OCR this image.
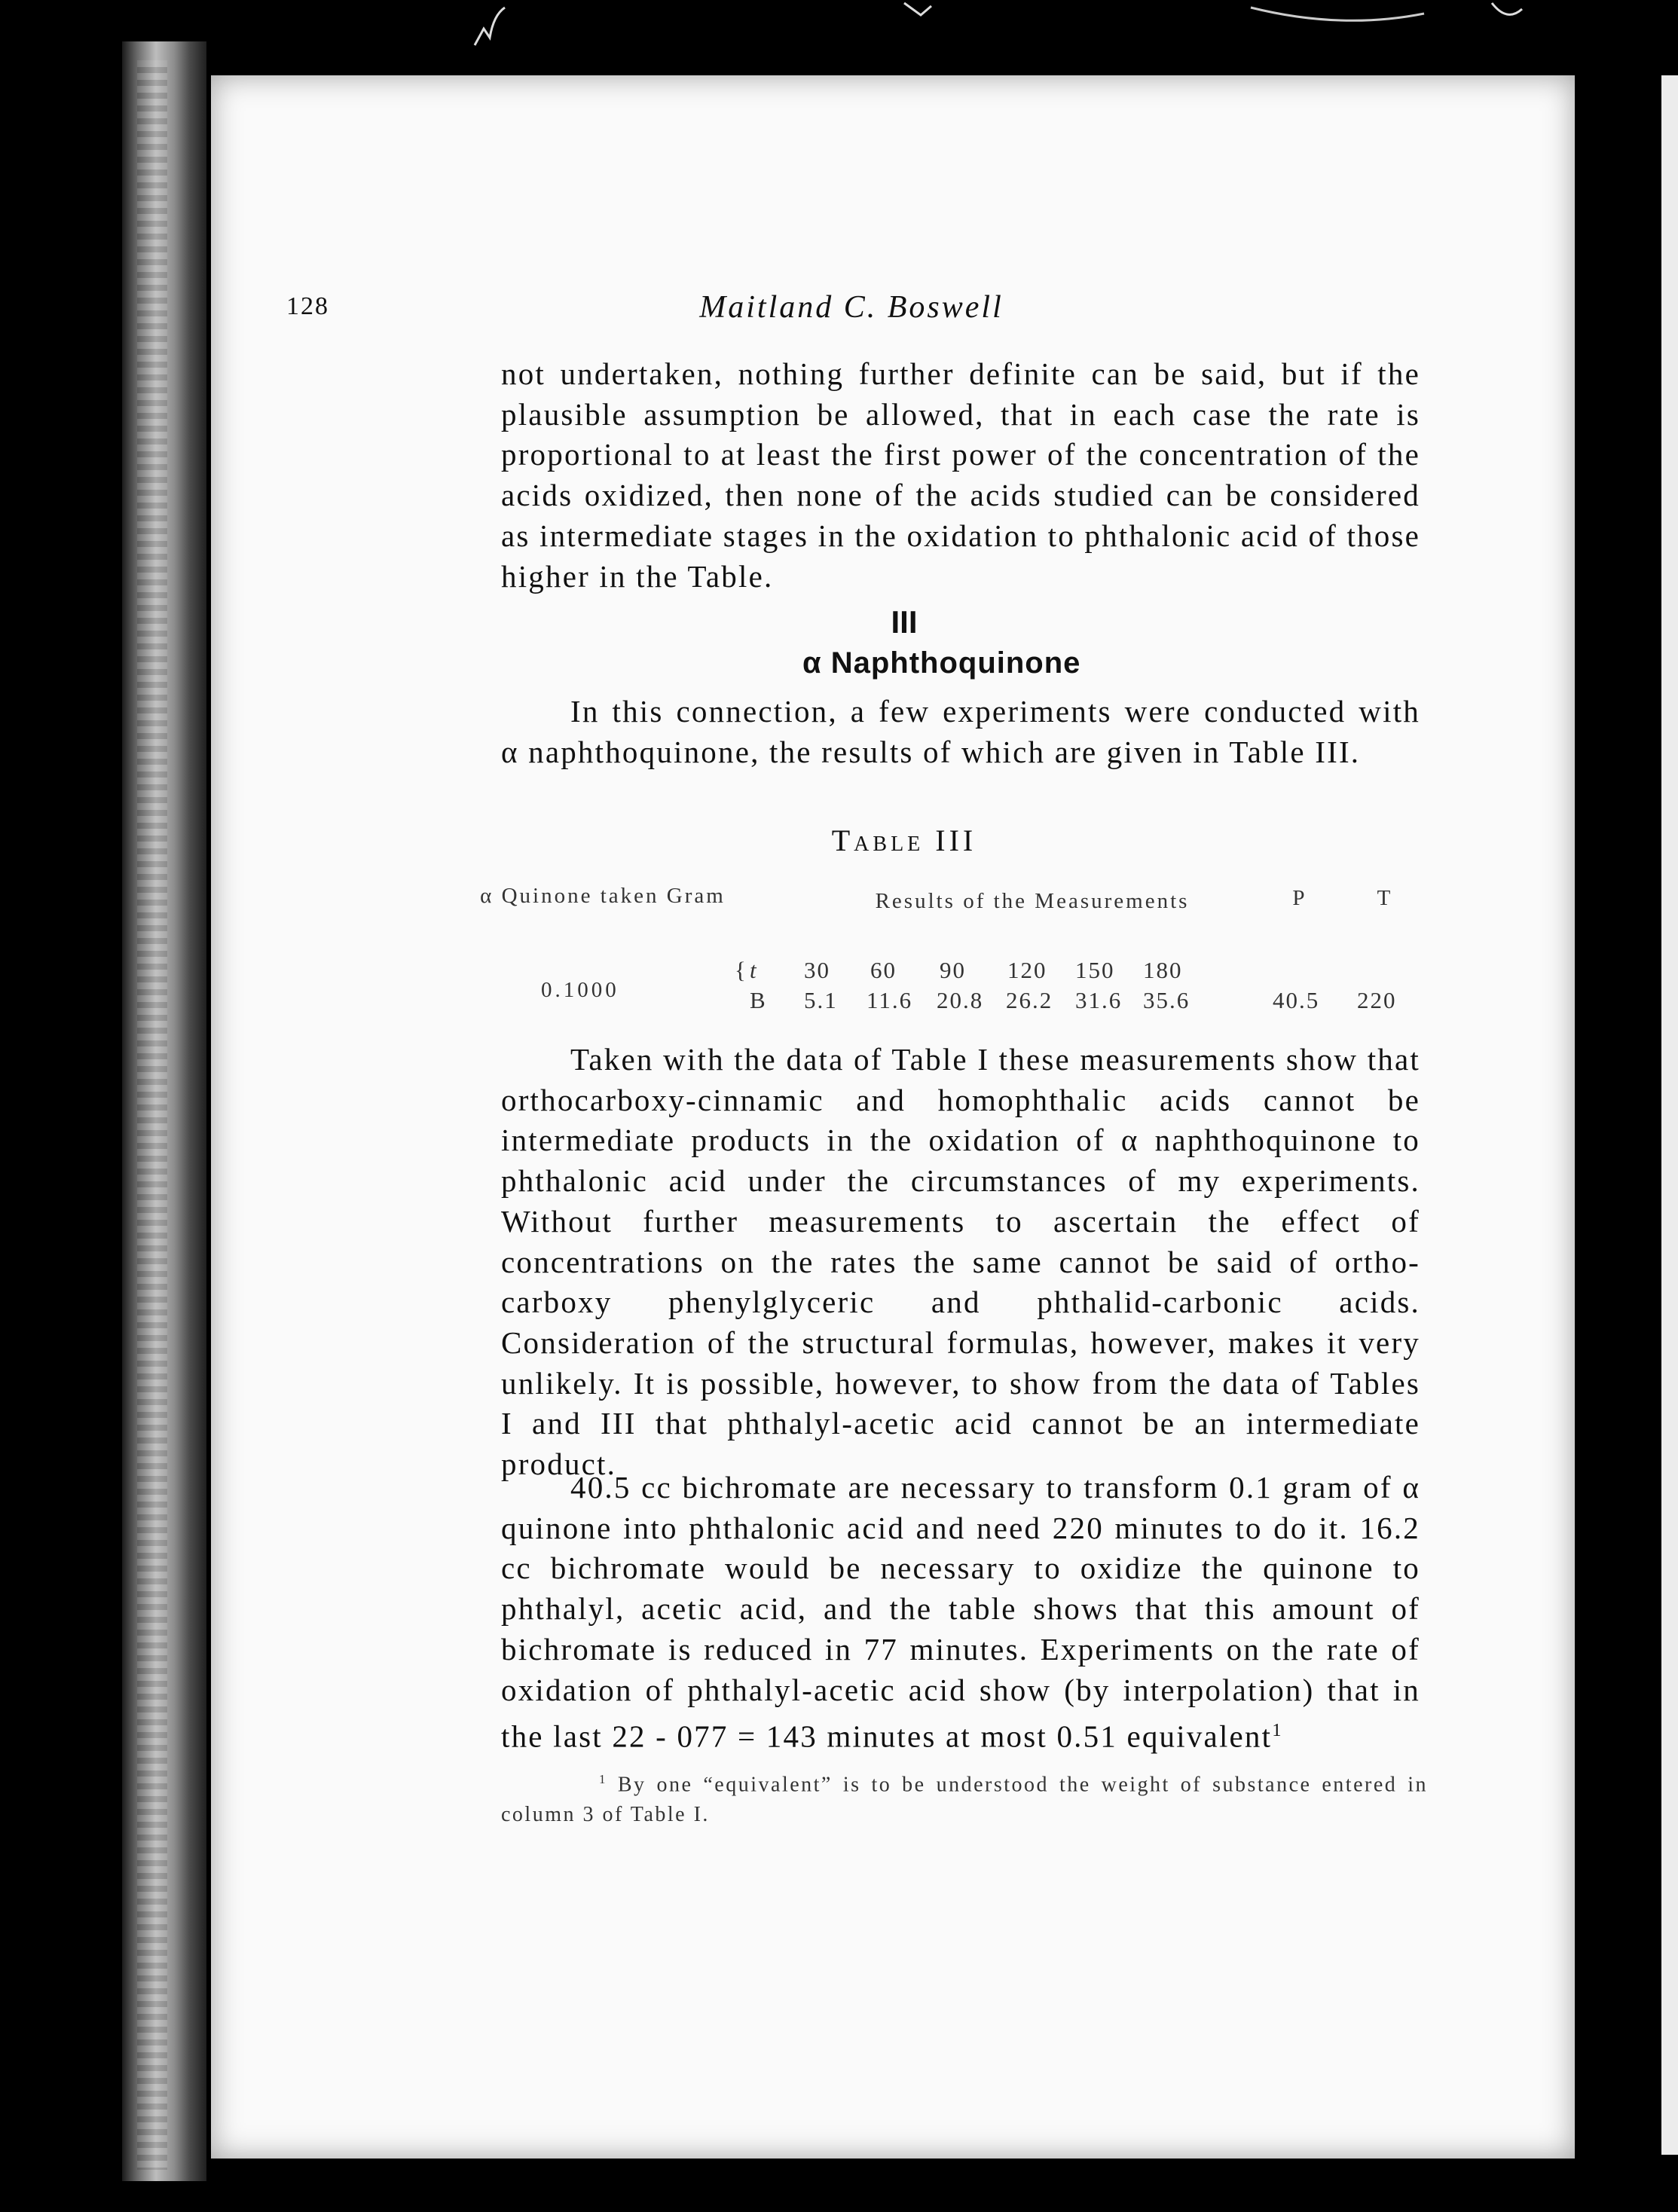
128	Maitland C. Boswell
not undertaken, nothing further definite can be said, but if the plausible assumption be allowed, that in each case the rate is proportional to at least the first power of the concentration of the acids oxidized, then none of the acids studied can be considered as intermediate stages in the oxidation to phthalonic acid of those higher in the Table.
III
α Naphthoquinone
In this connection, a few experiments were conducted with α naphthoquinone, the results of which are given in Table III.
Table III
α Quinone taken Gram	Results of the Measurements	P	T
0.1000
{ t 30 60 90 120 150 180
B 5.1 11.6 20.8 26.2 31.6 35.6	40.5 220
Taken with the data of Table I these measurements show that orthocarboxy-cinnamic and homophthalic acids cannot be intermediate products in the oxidation of α naphthoquinone to phthalonic acid under the circumstances of my experiments. Without further measurements to ascertain the effect of concentrations on the rates the same cannot be said of ortho-carboxy phenylglyceric and phthalid-carbonic acids. Consideration of the structural formulas, however, makes it very unlikely. It is possible, however, to show from the data of Tables I and III that phthalyl-acetic acid cannot be an intermediate product.
40.5 cc bichromate are necessary to transform 0.1 gram of α quinone into phthalonic acid and need 220 minutes to do it. 16.2 cc bichromate would be necessary to oxidize the quinone to phthalyl, acetic acid, and the table shows that this amount of bichromate is reduced in 77 minutes. Experiments on the rate of oxidation of phthalyl-acetic acid show (by interpolation) that in the last 22 - 077 = 143 minutes at most 0.51 equivalent$^1$
$^1$ By one “equivalent” is to be understood the weight of substance entered in column 3 of Table I.
